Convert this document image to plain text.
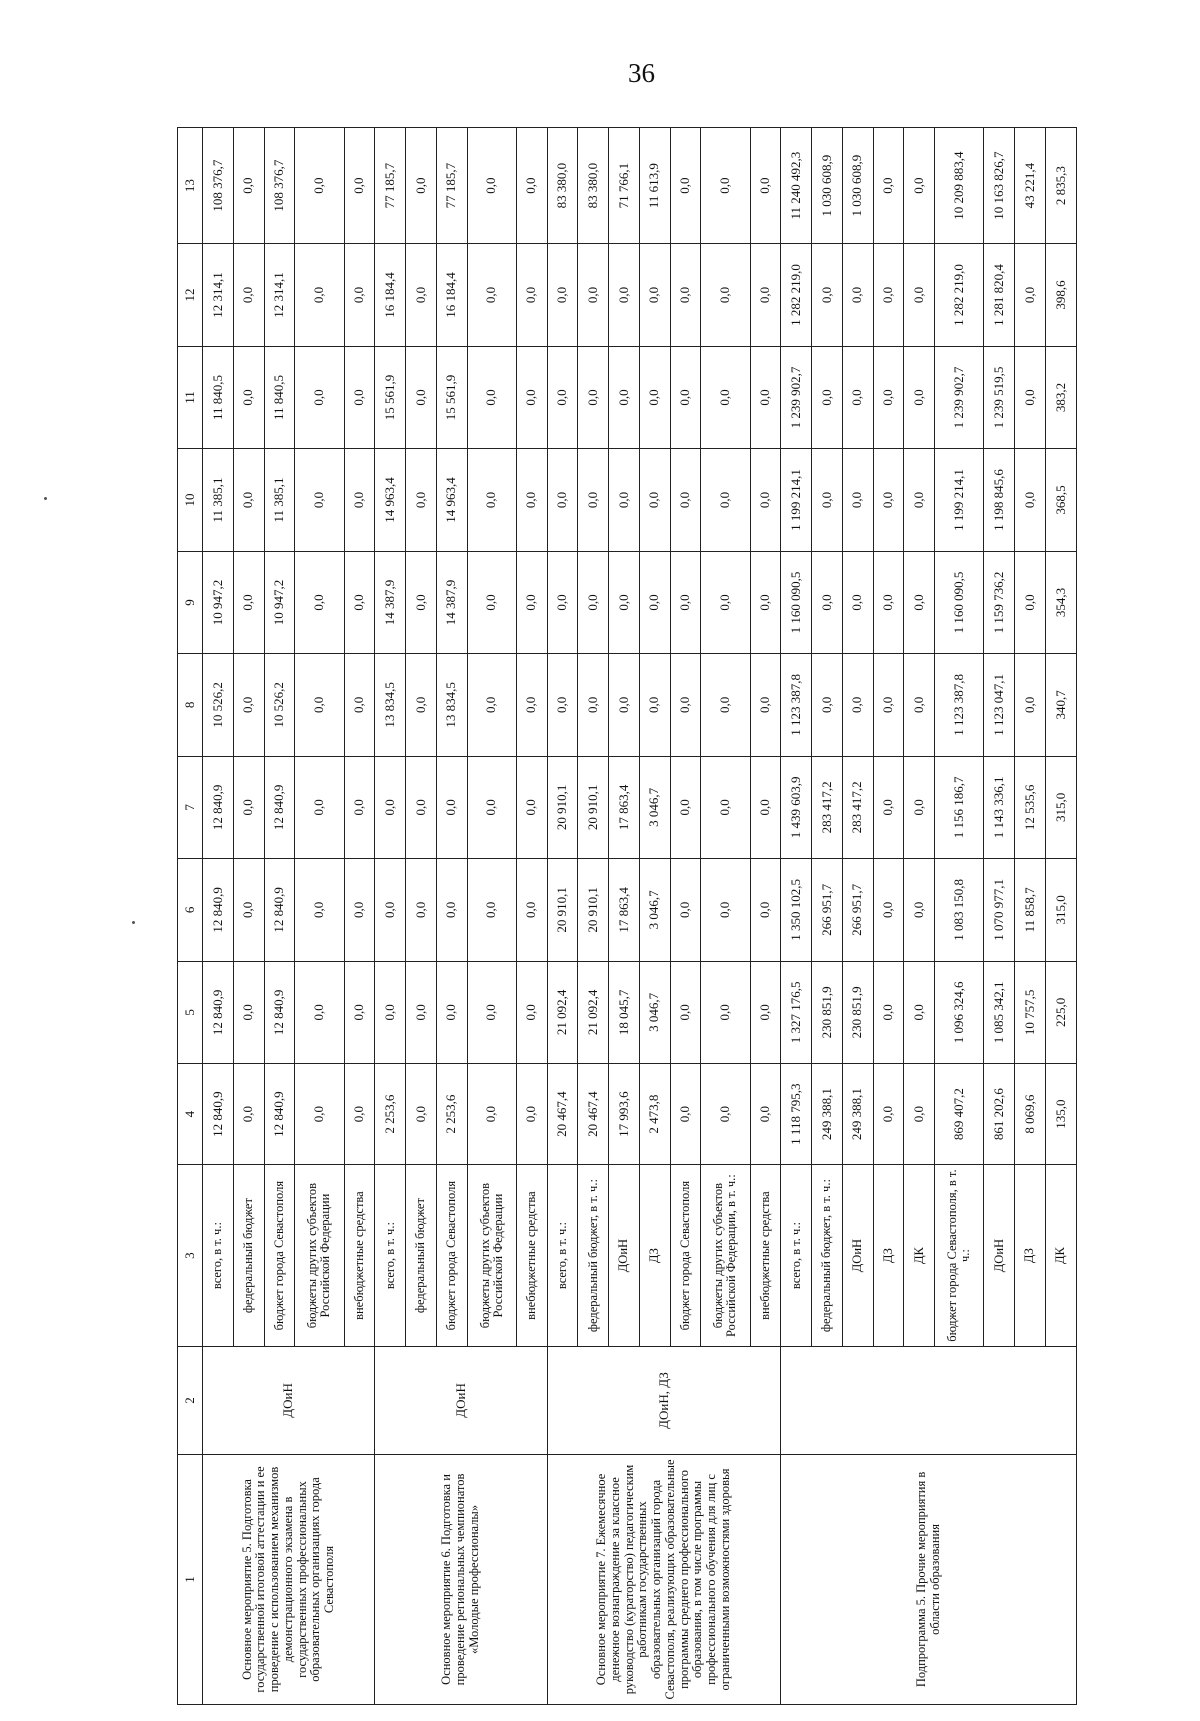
36
1	2	3	4	5	6	7	8	9	10	11	12	13
Основное мероприятие 5. Подготовка государственной итоговой аттестации и ее проведение с использованием механизмов демонстрационного экзамена в государственных профессиональных образовательных организациях города Севастополя	ДОиН	всего, в т. ч.:	12 840,9	12 840,9	12 840,9	12 840,9	10 526,2	10 947,2	11 385,1	11 840,5	12 314,1	108 376,7
		федеральный бюджет	0,0	0,0	0,0	0,0	0,0	0,0	0,0	0,0	0,0	0,0
		бюджет города Севастополя	12 840,9	12 840,9	12 840,9	12 840,9	10 526,2	10 947,2	11 385,1	11 840,5	12 314,1	108 376,7
		бюджеты других субъектов Российской Федерации	0,0	0,0	0,0	0,0	0,0	0,0	0,0	0,0	0,0	0,0
		внебюджетные средства	0,0	0,0	0,0	0,0	0,0	0,0	0,0	0,0	0,0	0,0
Основное мероприятие 6. Подготовка и проведение региональных чемпионатов «Молодые профессионалы»	ДОиН	всего, в т. ч.:	2 253,6	0,0	0,0	0,0	13 834,5	14 387,9	14 963,4	15 561,9	16 184,4	77 185,7
		федеральный бюджет	0,0	0,0	0,0	0,0	0,0	0,0	0,0	0,0	0,0	0,0
		бюджет города Севастополя	2 253,6	0,0	0,0	0,0	13 834,5	14 387,9	14 963,4	15 561,9	16 184,4	77 185,7
		бюджеты других субъектов Российской Федерации	0,0	0,0	0,0	0,0	0,0	0,0	0,0	0,0	0,0	0,0
		внебюджетные средства	0,0	0,0	0,0	0,0	0,0	0,0	0,0	0,0	0,0	0,0
Основное мероприятие 7. Ежемесячное денежное вознаграждение за классное руководство (кураторство) педагогическим работникам государственных образовательных организаций города Севастополя, реализующих образовательные программы среднего профессионального образования, в том числе программы профессионального обучения для лиц с ограниченными возможностями здоровья	ДОиН, ДЗ	всего, в т. ч.:	20 467,4	21 092,4	20 910,1	20 910,1	0,0	0,0	0,0	0,0	0,0	83 380,0
		федеральный бюджет, в т. ч.:	20 467,4	21 092,4	20 910,1	20 910,1	0,0	0,0	0,0	0,0	0,0	83 380,0
		ДОиН	17 993,6	18 045,7	17 863,4	17 863,4	0,0	0,0	0,0	0,0	0,0	71 766,1
		ДЗ	2 473,8	3 046,7	3 046,7	3 046,7	0,0	0,0	0,0	0,0	0,0	11 613,9
		бюджет города Севастополя	0,0	0,0	0,0	0,0	0,0	0,0	0,0	0,0	0,0	0,0
		бюджеты других субъектов Российской Федерации, в т. ч.:	0,0	0,0	0,0	0,0	0,0	0,0	0,0	0,0	0,0	0,0
		внебюджетные средства	0,0	0,0	0,0	0,0	0,0	0,0	0,0	0,0	0,0	0,0
Подпрограмма 5. Прочие мероприятия в области образования		всего, в т. ч.:	1 118 795,3	1 327 176,5	1 350 102,5	1 439 603,9	1 123 387,8	1 160 090,5	1 199 214,1	1 239 902,7	1 282 219,0	11 240 492,3
		федеральный бюджет, в т. ч.:	249 388,1	230 851,9	266 951,7	283 417,2	0,0	0,0	0,0	0,0	0,0	1 030 608,9
		ДОиН	249 388,1	230 851,9	266 951,7	283 417,2	0,0	0,0	0,0	0,0	0,0	1 030 608,9
		ДЗ	0,0	0,0	0,0	0,0	0,0	0,0	0,0	0,0	0,0	0,0
		ДК	0,0	0,0	0,0	0,0	0,0	0,0	0,0	0,0	0,0	0,0
		бюджет города Севастополя, в т. ч.:	869 407,2	1 096 324,6	1 083 150,8	1 156 186,7	1 123 387,8	1 160 090,5	1 199 214,1	1 239 902,7	1 282 219,0	10 209 883,4
		ДОиН	861 202,6	1 085 342,1	1 070 977,1	1 143 336,1	1 123 047,1	1 159 736,2	1 198 845,6	1 239 519,5	1 281 820,4	10 163 826,7
		ДЗ	8 069,6	10 757,5	11 858,7	12 535,6	0,0	0,0	0,0	0,0	0,0	43 221,4
		ДК	135,0	225,0	315,0	315,0	340,7	354,3	368,5	383,2	398,6	2 835,3
